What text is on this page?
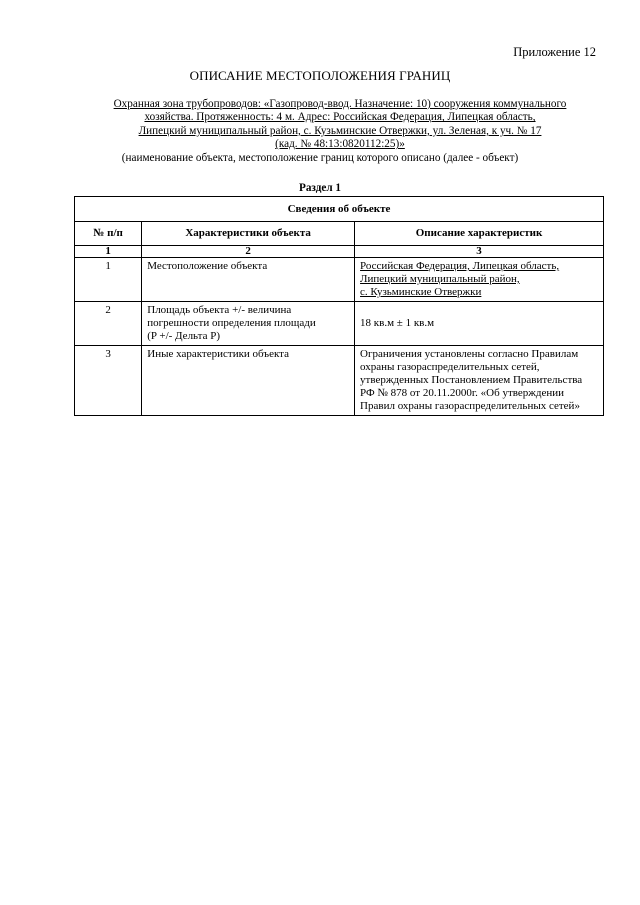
Приложение 12
ОПИСАНИЕ МЕСТОПОЛОЖЕНИЯ ГРАНИЦ
Охранная зона трубопроводов: «Газопровод-ввод. Назначение: 10) сооружения коммунального
хозяйства. Протяженность: 4 м. Адрес: Российская Федерация, Липецкая область,
Липецкий муниципальный район, с. Кузьминские Отвержки, ул. Зеленая, к уч. № 17
(кад. № 48:13:0820112:25)»
(наименование объекта, местоположение границ которого описано (далее - объект)
Раздел 1
Сведения об объекте		
№ п/п	Характеристики объекта	Описание характеристик
1	2	3
1	Местоположение объекта	Российская Федерация, Липецкая область,
Липецкий муниципальный район,
с. Кузьминские Отвержки

2	Площадь объекта +/- величина
погрешности определения площади
(P +/- Дельта P)	18 кв.м ± 1 кв.м

3	Иные характеристики объекта	Ограничения установлены согласно Правилам
охраны газораспределительных сетей,
утвержденных Постановлением Правительства
РФ № 878 от 20.11.2000г. «Об утверждении
Правил охраны газораспределительных сетей»
